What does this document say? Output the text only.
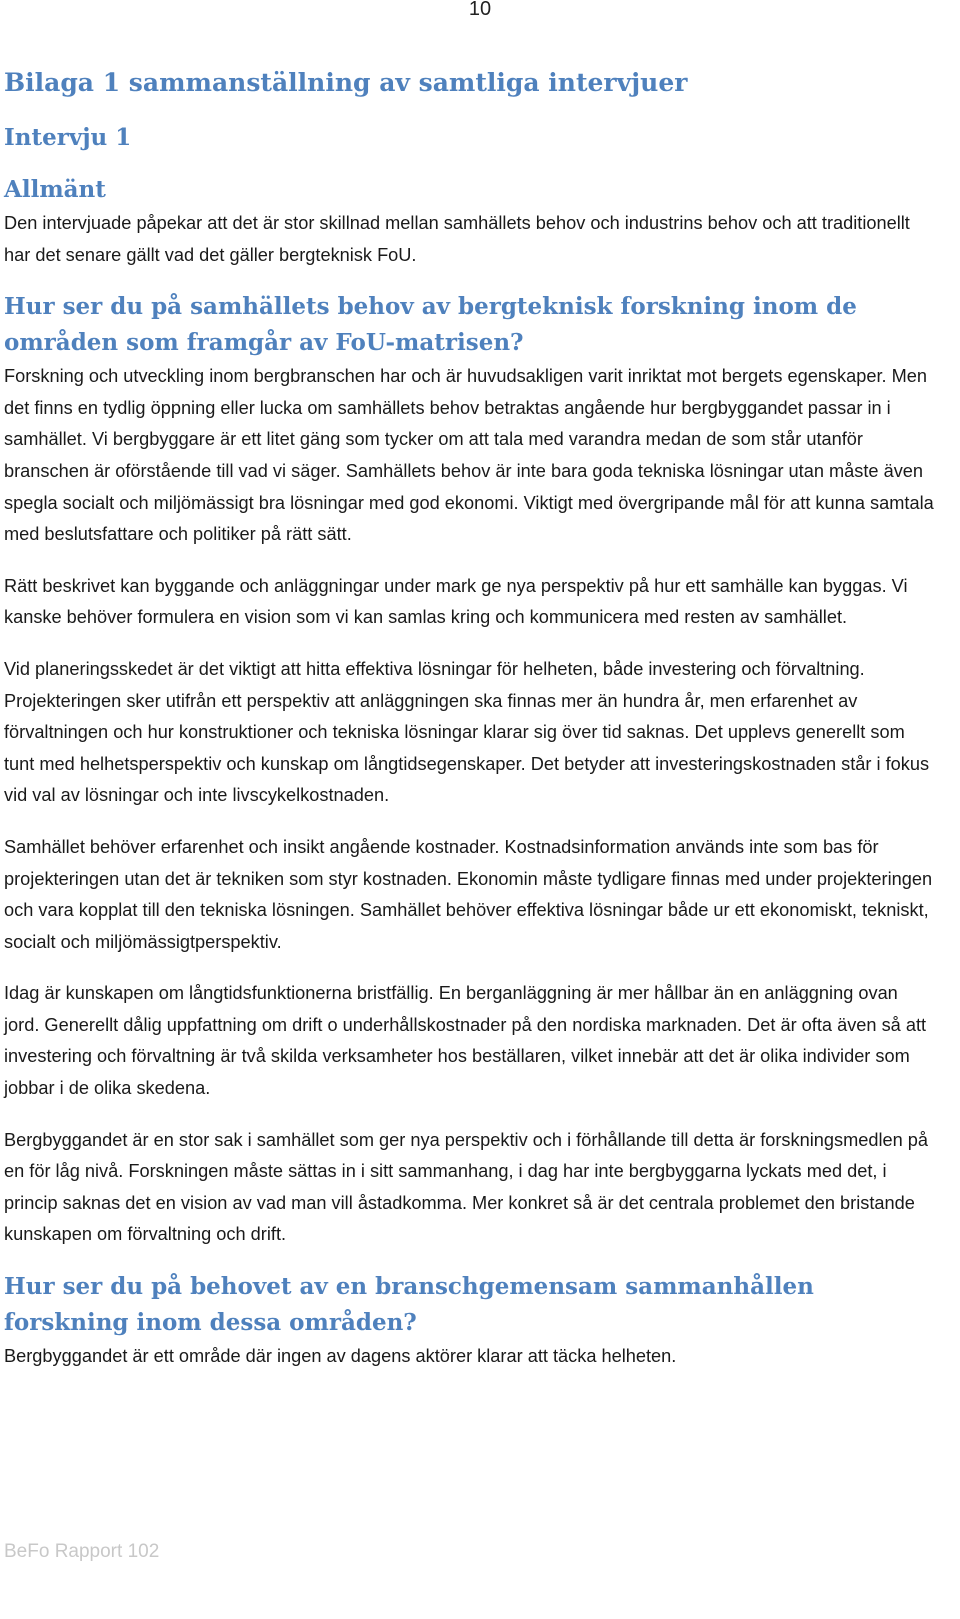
10
Bilaga 1 sammanställning av samtliga intervjuer
Intervju 1
Allmänt

Den intervjuade påpekar att det är stor skillnad mellan samhällets behov och industrins behov och att traditionellt har det senare gällt vad det gäller bergteknisk FoU.

Hur ser du på samhällets behov av bergteknisk forskning inom de områden som framgår av FoU-matrisen?

Forskning och utveckling inom bergbranschen har och är huvudsakligen varit inriktat mot bergets egenskaper. Men det finns en tydlig öppning eller lucka om samhällets behov betraktas angående hur bergbyggandet passar in i samhället. Vi bergbyggare är ett litet gäng som tycker om att tala med varandra medan de som står utanför branschen är oförstående till vad vi säger. Samhällets behov är inte bara goda tekniska lösningar utan måste även spegla socialt och miljömässigt bra lösningar med god ekonomi. Viktigt med övergripande mål för att kunna samtala med beslutsfattare och politiker på rätt sätt.

Rätt beskrivet kan byggande och anläggningar under mark ge nya perspektiv på hur ett samhälle kan byggas. Vi kanske behöver formulera en vision som vi kan samlas kring och kommunicera med resten av samhället.

Vid planeringsskedet är det viktigt att hitta effektiva lösningar för helheten, både investering och förvaltning. Projekteringen sker utifrån ett perspektiv att anläggningen ska finnas mer än hundra år, men erfarenhet av förvaltningen och hur konstruktioner och tekniska lösningar klarar sig över tid saknas. Det upplevs generellt som tunt med helhetsperspektiv och kunskap om långtidsegenskaper. Det betyder att investeringskostnaden står i fokus vid val av lösningar och inte livscykelkostnaden.

Samhället behöver erfarenhet och insikt angående kostnader. Kostnadsinformation används inte som bas för projekteringen utan det är tekniken som styr kostnaden. Ekonomin måste tydligare finnas med under projekteringen och vara kopplat till den tekniska lösningen. Samhället behöver effektiva lösningar både ur ett ekonomiskt, tekniskt, socialt och miljömässigtperspektiv.

Idag är kunskapen om långtidsfunktionerna bristfällig. En berganläggning är mer hållbar än en anläggning ovan jord. Generellt dålig uppfattning om drift o underhållskostnader på den nordiska marknaden. Det är ofta även så att investering och förvaltning är två skilda verksamheter hos beställaren, vilket innebär att det är olika individer som jobbar i de olika skedena.

Bergbyggandet är en stor sak i samhället som ger nya perspektiv och i förhållande till detta är forskningsmedlen på en för låg nivå. Forskningen måste sättas in i sitt sammanhang, i dag har inte bergbyggarna lyckats med det, i princip saknas det en vision av vad man vill åstadkomma. Mer konkret så är det centrala problemet den bristande kunskapen om förvaltning och drift.

Hur ser du på behovet av en branschgemensam sammanhållen forskning inom dessa områden?

Bergbyggandet är ett område där ingen av dagens aktörer klarar att täcka helheten.

BeFo Rapport 102
